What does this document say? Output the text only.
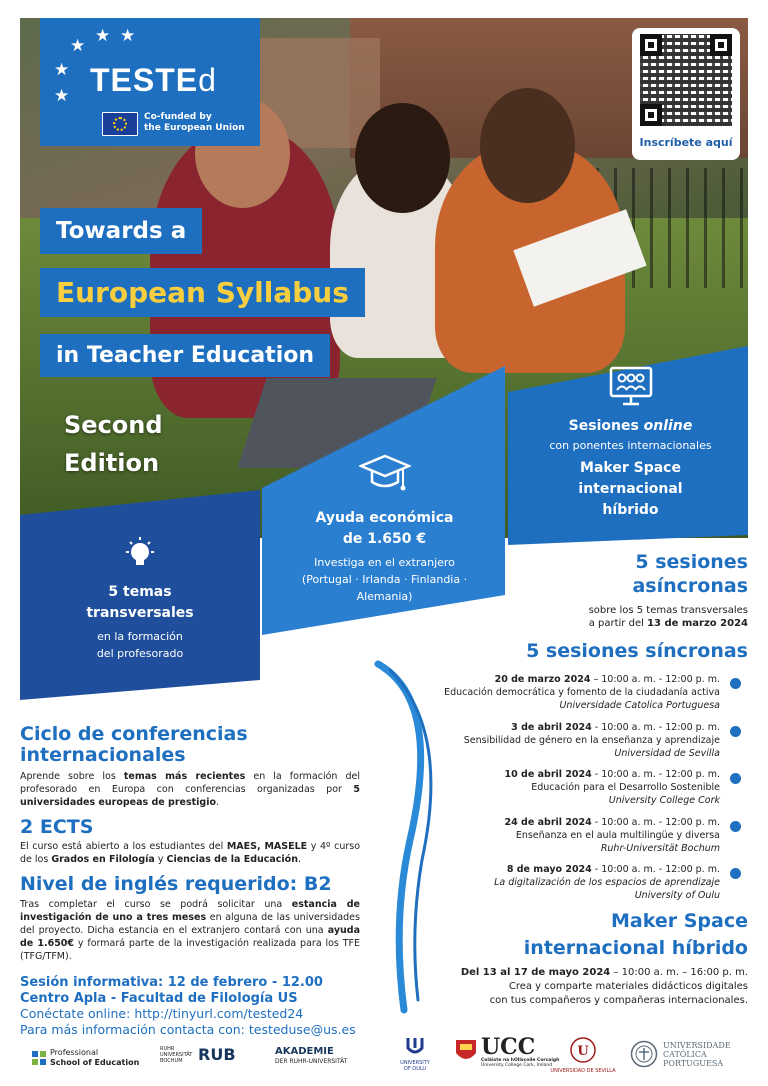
★ ★ ★
★
★ TESTEd
Co-funded by
the European Union
Inscríbete aquí
Towards a
European Syllabus
in Teacher Education
Second
Edition
5 temas
transversales
en la formación
del profesorado
Ayuda económica
de 1.650 €
Investiga en el extranjero
(Portugal · Irlanda · Finlandia ·
Alemania)
Sesiones online
con ponentes internacionales
Maker Space
internacional
híbrido
5 sesiones
asíncronas
sobre los 5 temas transversales
a partir del 13 de marzo 2024
5 sesiones síncronas
20 de marzo 2024 – 10:00 a. m. - 12:00 p. m.
Educación democrática y fomento de la ciudadanía activa
Universidade Catolica Portuguesa
3 de abril 2024 - 10:00 a. m. - 12:00 p. m.
Sensibilidad de género en la enseñanza y aprendizaje
Universidad de Sevilla
10 de abril 2024 - 10:00 a. m. - 12:00 p. m.
Educación para el Desarrollo Sostenible
University College Cork
24 de abril 2024 - 10:00 a. m. - 12:00 p. m.
Enseñanza en el aula multilingüe y diversa
Ruhr-Universität Bochum
8 de mayo 2024 - 10:00 a. m. - 12:00 p. m.
La digitalización de los espacios de aprendizaje
University of Oulu
Maker Space
internacional híbrido
Del 13 al 17 de mayo 2024 – 10:00 a. m. – 16:00 p. m.
Crea y comparte materiales didácticos digitales
con tus compañeros y compañeras internacionales.
Ciclo de conferencias
internacionales
Aprende sobre los temas más recientes en la formación del profesorado en Europa con conferencias organizadas por 5 universidades europeas de prestigio.
2 ECTS
El curso está abierto a los estudiantes del MAES, MASELE y 4º curso de los Grados en Filología y Ciencias de la Educación.
Nivel de inglés requerido: B2
Tras completar el curso se podrá solicitar una estancia de investigación de uno a tres meses en alguna de las universidades del proyecto. Dicha estancia en el extranjero contará con una ayuda de 1.650€ y formará parte de la investigación realizada para los TFE (TFG/TFM).
Sesión informativa: 12 de febrero - 12.00
Centro Apla - Facultad de Filología US
Conéctate online: http://tinyurl.com/tested24
Para más información contacta con: testeduse@us.es
Professional
School of Education
RUHR
UNIVERSITÄT
BOCHUM RUB	AKADEMIE
DER RUHR-UNIVERSITÄT	UNIVERSITY
OF OULU
UCC
Coláiste na hOllscoile Corcaigh
University College Cork, Ireland
U
UNIVERSIDAD DE SEVILLA
UNIVERSIDADE
CATÓLICA
PORTUGUESA
